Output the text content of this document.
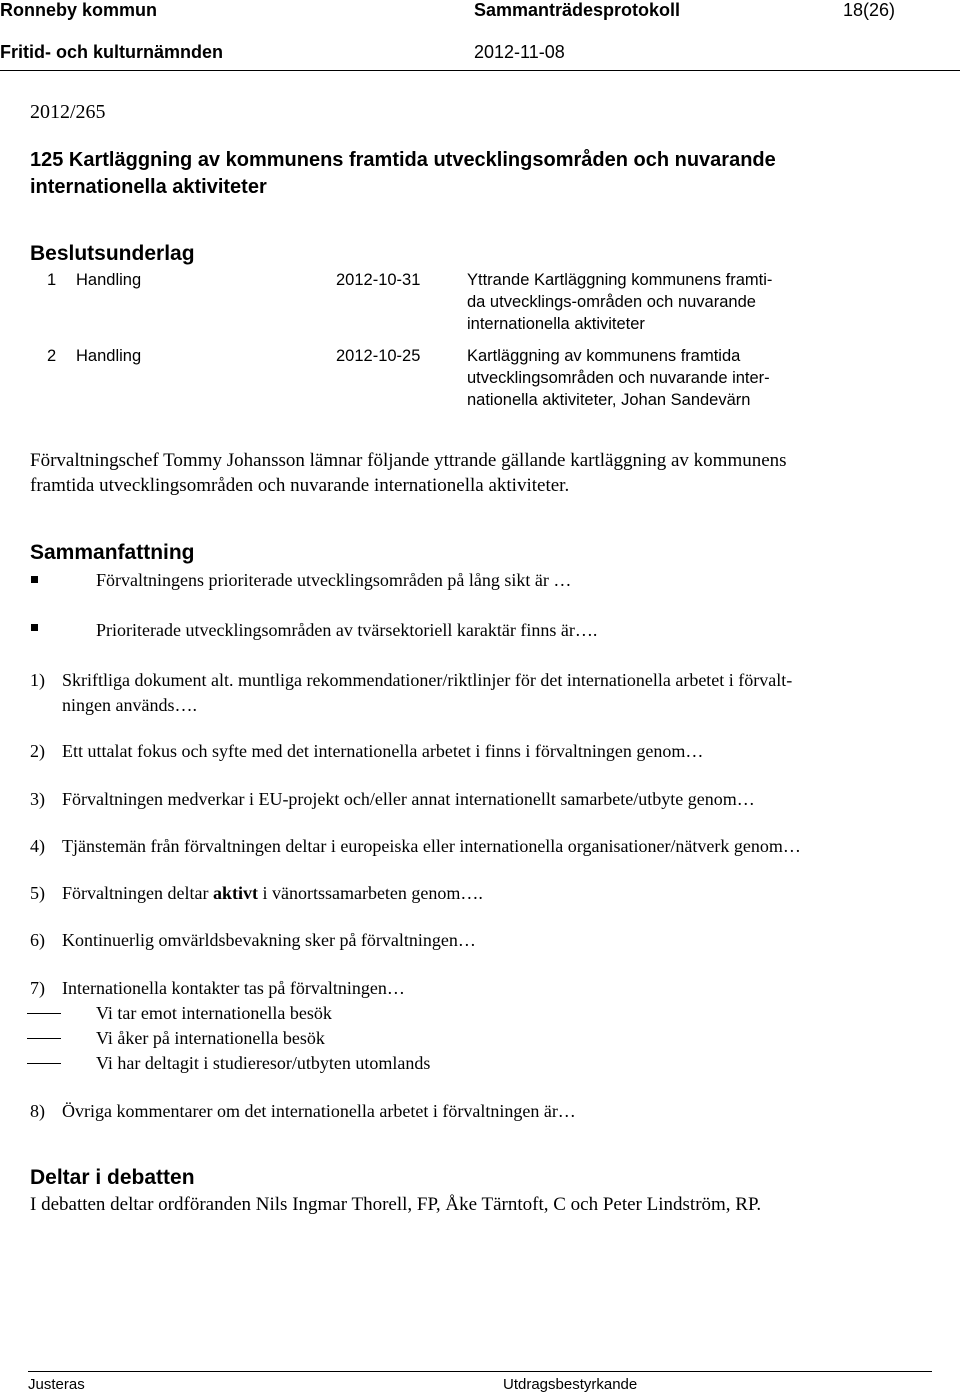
Ronneby kommun	Sammanträdesprotokoll	18(26)
Fritid- och kulturnämnden	2012-11-08
2012/265
125 Kartläggning av kommunens framtida utvecklingsområden och nuvarande
internationella aktiviteter
Beslutsunderlag
1 Handling	2012-10-31	Yttrande Kartläggning kommunens framti-
da utvecklings-områden och nuvarande
internationella aktiviteter
2 Handling	2012-10-25	Kartläggning av kommunens framtida
utvecklingsområden och nuvarande inter-
nationella aktiviteter, Johan Sandevärn
Förvaltningschef Tommy Johansson lämnar följande yttrande gällande kartläggning av kommunens
framtida utvecklingsområden och nuvarande internationella aktiviteter.
Sammanfattning
Förvaltningens prioriterade utvecklingsområden på lång sikt är …
Prioriterade utvecklingsområden av tvärsektoriell karaktär finns är….
1) Skriftliga dokument alt. muntliga rekommendationer/riktlinjer för det internationella arbetet i förvalt-
ningen används….
2) Ett uttalat fokus och syfte med det internationella arbetet i finns i förvaltningen genom…
3) Förvaltningen medverkar i EU-projekt och/eller annat internationellt samarbete/utbyte genom…
4) Tjänstemän från förvaltningen deltar i europeiska eller internationella organisationer/nätverk genom…
5) Förvaltningen deltar aktivt i vänortssamarbeten genom….
6) Kontinuerlig omvärldsbevakning sker på förvaltningen…
7) Internationella kontakter tas på förvaltningen…
Vi tar emot internationella besök
Vi åker på internationella besök
Vi har deltagit i studieresor/utbyten utomlands
8) Övriga kommentarer om det internationella arbetet i förvaltningen är…
Deltar i debatten
I debatten deltar ordföranden Nils Ingmar Thorell, FP, Åke Tärntoft, C och Peter Lindström, RP.
Justeras	Utdragsbestyrkande
